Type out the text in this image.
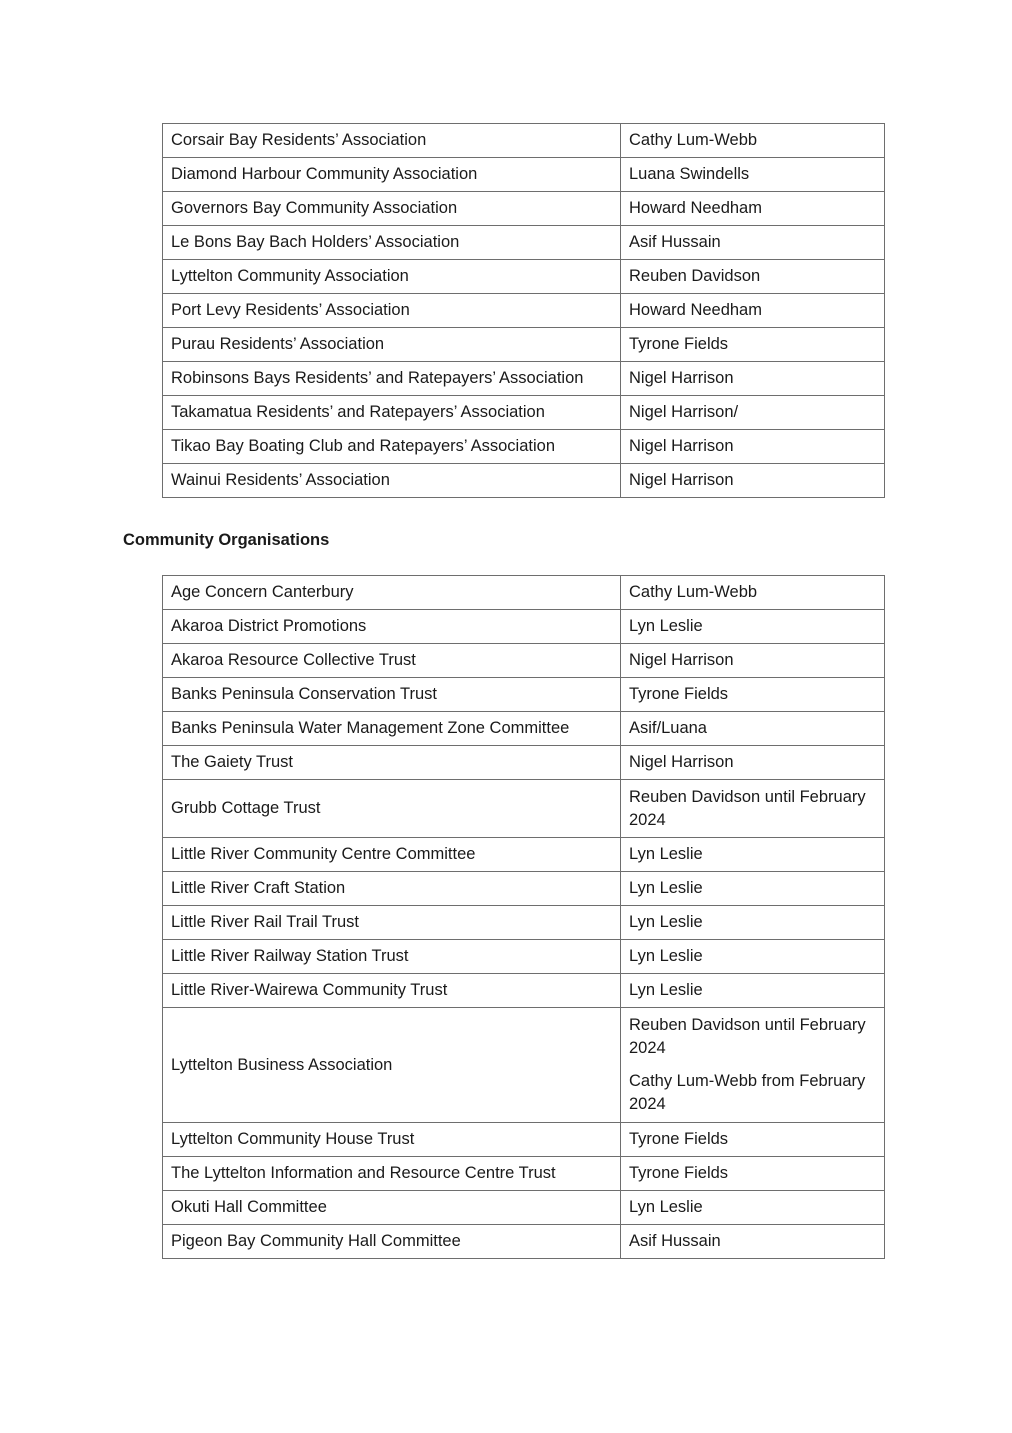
Corsair Bay Residents’ Association	Cathy Lum-Webb
Diamond Harbour Community Association	Luana Swindells
Governors Bay Community Association	Howard Needham
Le Bons Bay Bach Holders’ Association	Asif Hussain
Lyttelton Community Association	Reuben Davidson
Port Levy Residents’ Association	Howard Needham
Purau Residents’ Association	Tyrone Fields
Robinsons Bays Residents’ and Ratepayers’ Association	Nigel Harrison
Takamatua Residents’ and Ratepayers’ Association	Nigel Harrison/
Tikao Bay Boating Club and Ratepayers’ Association	Nigel Harrison
Wainui Residents’ Association	Nigel Harrison
Community Organisations
Age Concern Canterbury	Cathy Lum-Webb
Akaroa District Promotions	Lyn Leslie
Akaroa Resource Collective Trust	Nigel Harrison
Banks Peninsula Conservation Trust	Tyrone Fields
Banks Peninsula Water Management Zone Committee	Asif/Luana
The Gaiety Trust	Nigel Harrison
Grubb Cottage Trust	Reuben Davidson until February 2024
Little River Community Centre Committee	Lyn Leslie
Little River Craft Station	Lyn Leslie
Little River Rail Trail Trust	Lyn Leslie
Little River Railway Station Trust	Lyn Leslie
Little River-Wairewa Community Trust	Lyn Leslie
Lyttelton Business Association	Reuben Davidson until February 2024
Cathy Lum-Webb from February 2024

Lyttelton Community House Trust	Tyrone Fields
The Lyttelton Information and Resource Centre Trust	Tyrone Fields
Okuti Hall Committee	Lyn Leslie
Pigeon Bay Community Hall Committee	Asif Hussain
